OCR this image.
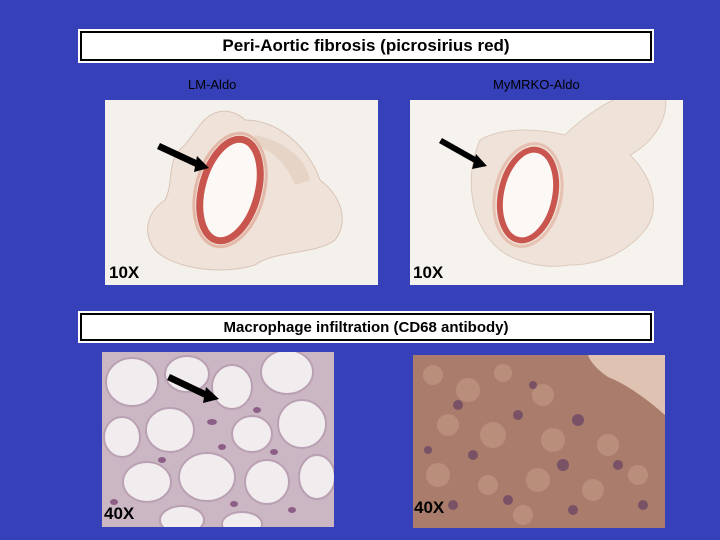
Peri-Aortic fibrosis (picrosirius red)
LM-Aldo	MyMRKO-Aldo
10X	10X
Macrophage infiltration (CD68 antibody)
40X	40X
